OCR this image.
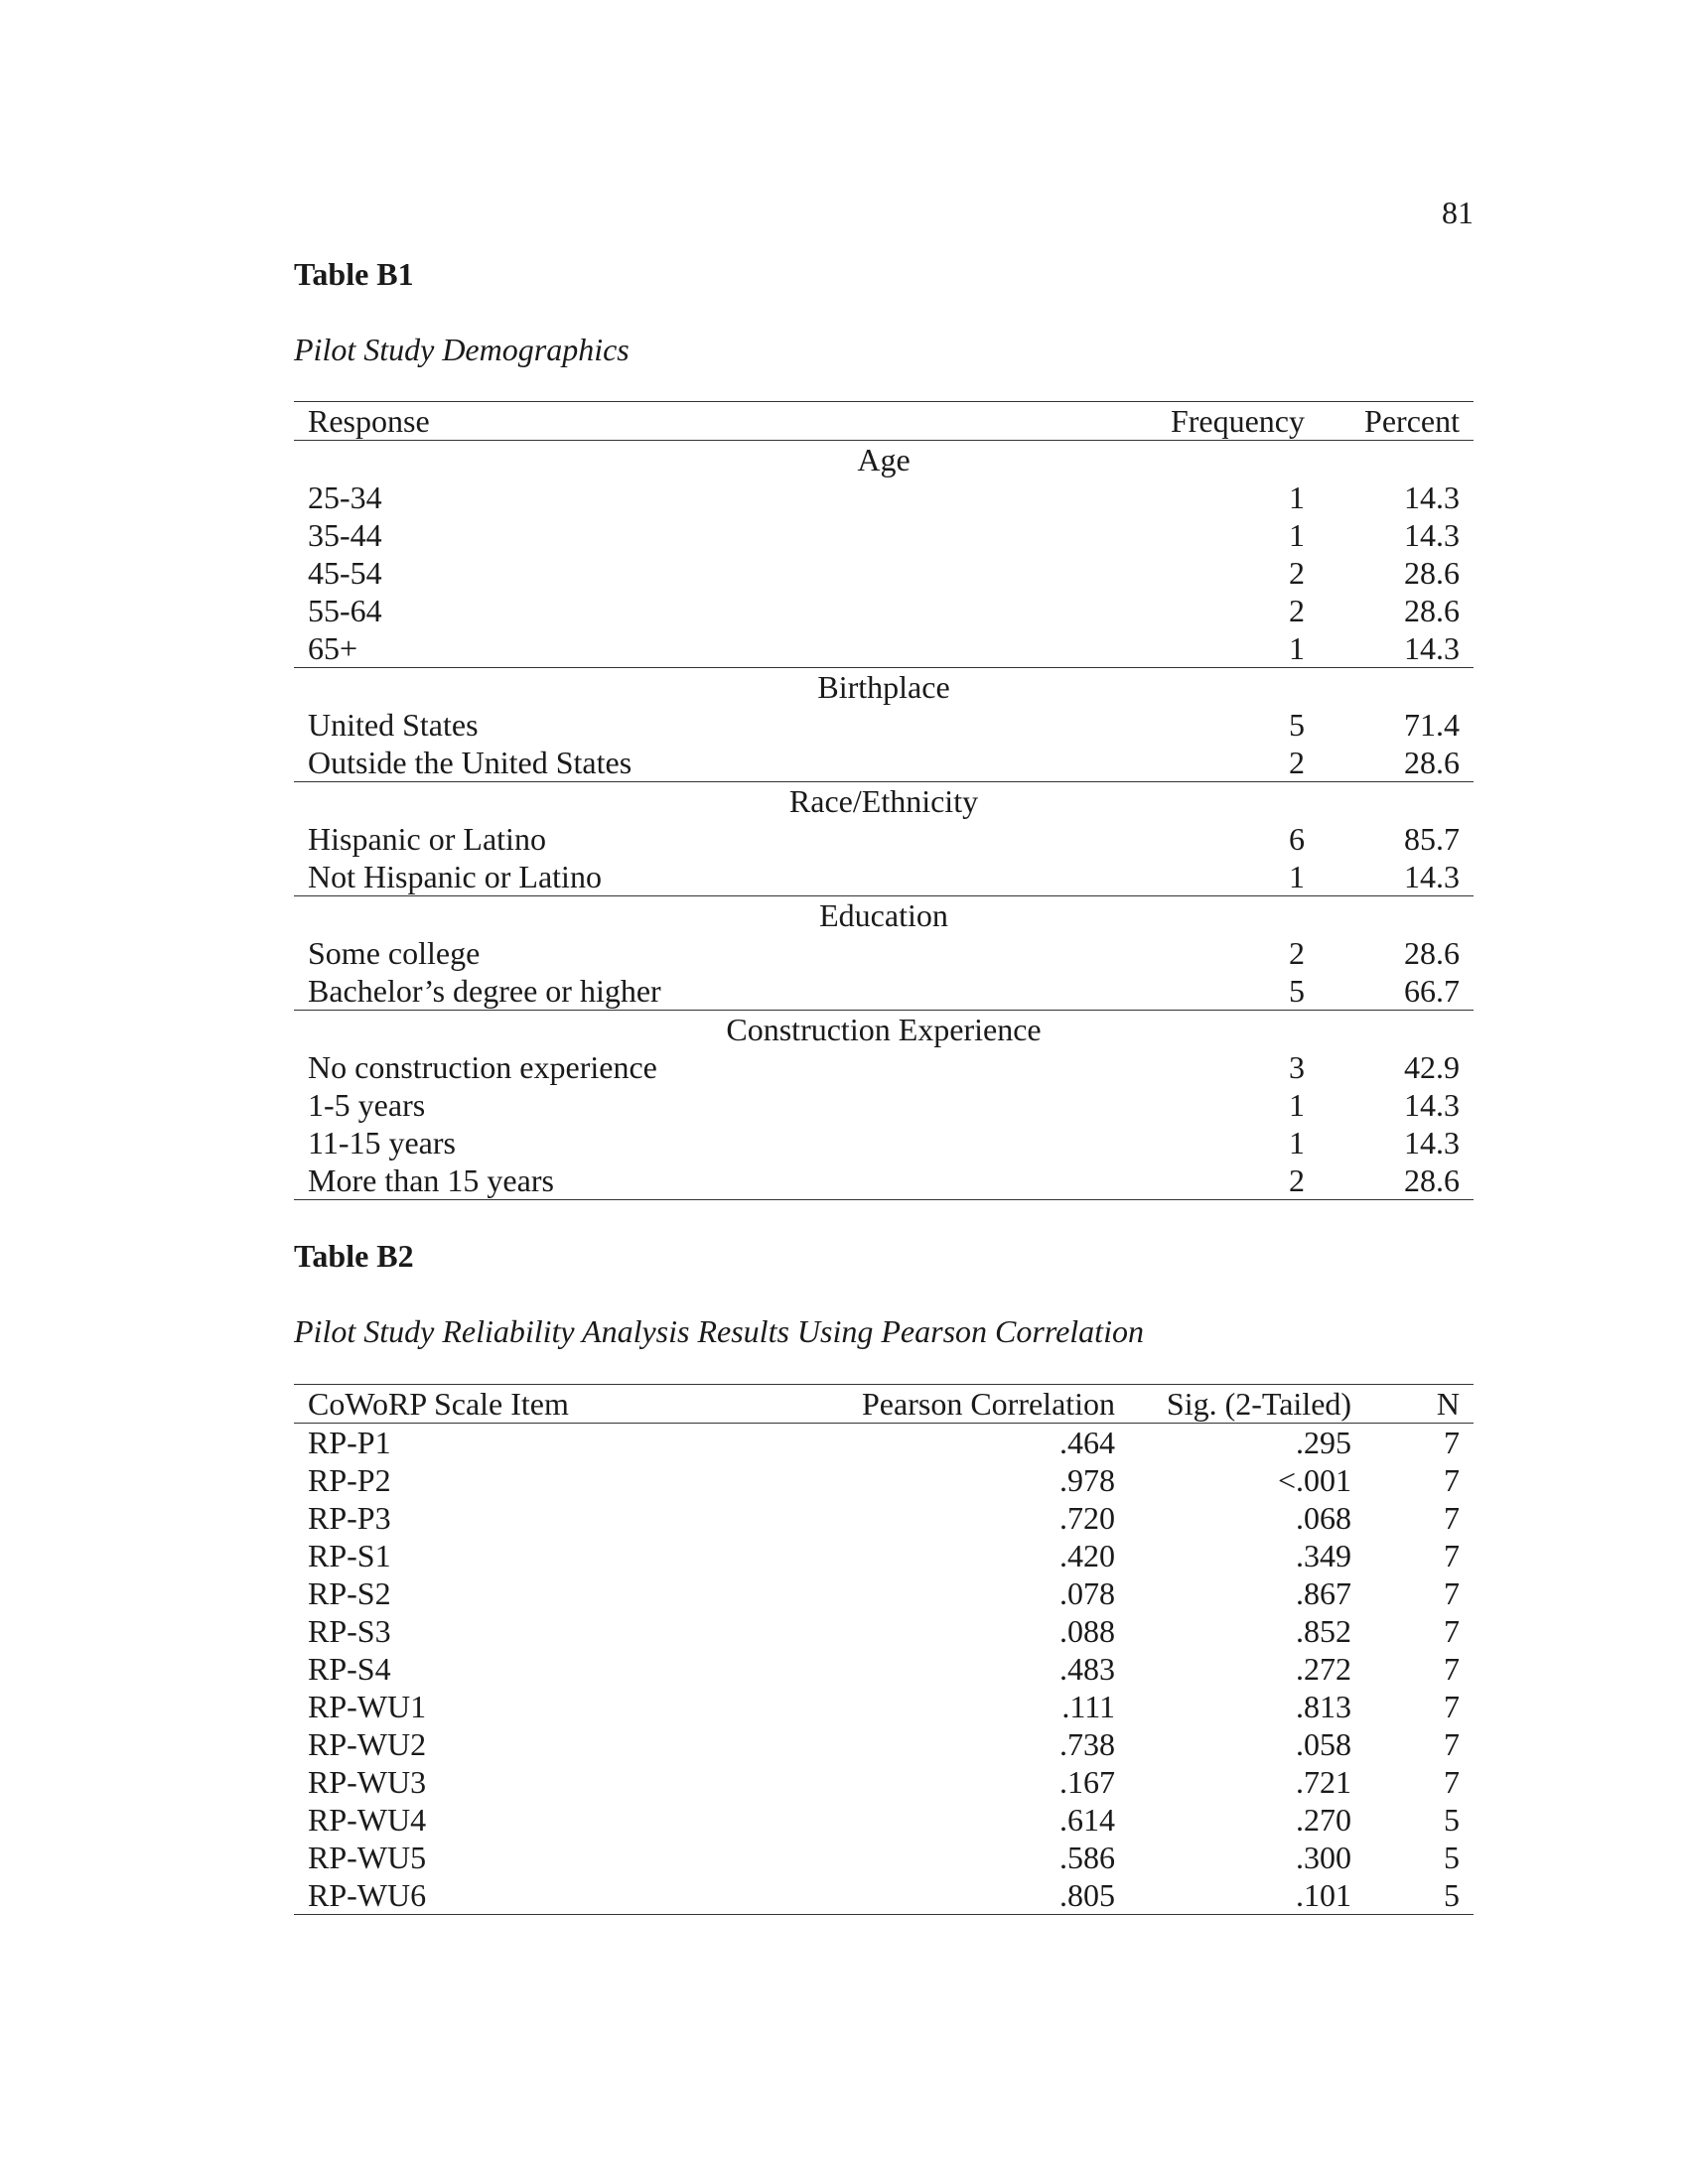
81
Table B1
Pilot Study Demographics
Response	Frequency	Percent
Age		
25-34	1	14.3
35-44	1	14.3
45-54	2	28.6
55-64	2	28.6
65+	1	14.3
Birthplace		
United States	5	71.4
Outside the United States	2	28.6
Race/Ethnicity		
Hispanic or Latino	6	85.7
Not Hispanic or Latino	1	14.3
Education		
Some college	2	28.6
Bachelor’s degree or higher	5	66.7
Construction Experience		
No construction experience	3	42.9
1-5 years	1	14.3
11-15 years	1	14.3
More than 15 years	2	28.6
Table B2
Pilot Study Reliability Analysis Results Using Pearson Correlation
CoWoRP Scale Item	Pearson Correlation	Sig. (2-Tailed)	N
RP-P1	.464	.295	7
RP-P2	.978	<.001	7
RP-P3	.720	.068	7
RP-S1	.420	.349	7
RP-S2	.078	.867	7
RP-S3	.088	.852	7
RP-S4	.483	.272	7
RP-WU1	.111	.813	7
RP-WU2	.738	.058	7
RP-WU3	.167	.721	7
RP-WU4	.614	.270	5
RP-WU5	.586	.300	5
RP-WU6	.805	.101	5
